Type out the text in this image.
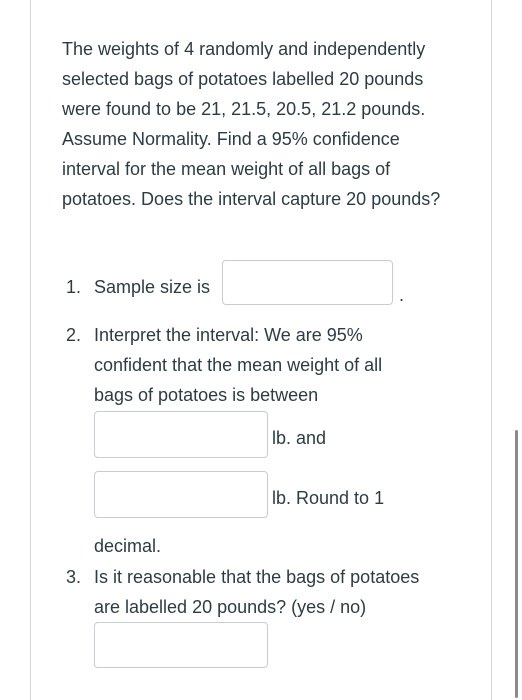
The weights of 4 randomly and independently selected bags of potatoes labelled 20 pounds were found to be 21, 21.5, 20.5, 21.2 pounds. Assume Normality. Find a 95% confidence interval for the mean weight of all bags of potatoes. Does the interval capture 20 pounds?

1. Sample size is	.
2. Interpret the interval: We are 95%
confident that the mean weight of all
bags of potatoes is between
lb. and
lb. Round to 1
decimal.
3. Is it reasonable that the bags of potatoes
are labelled 20 pounds? (yes / no)
